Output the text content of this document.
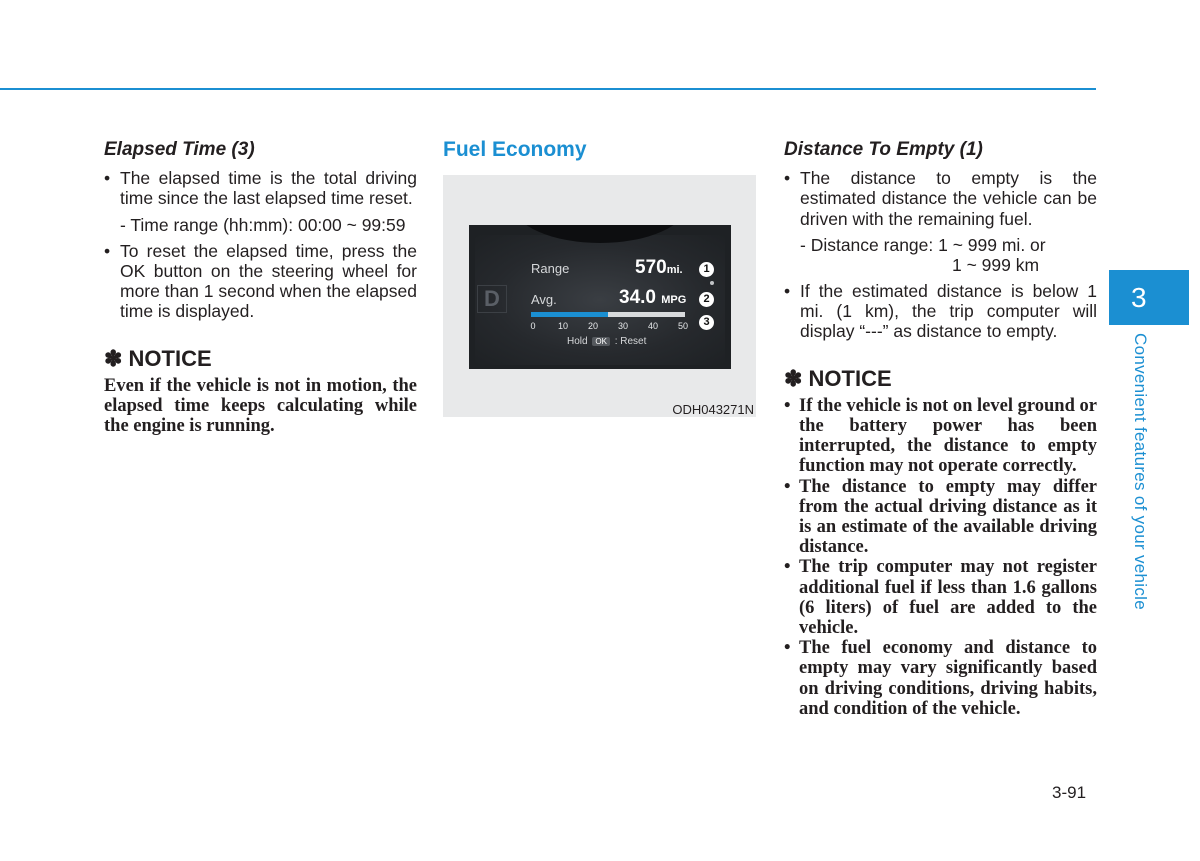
Elapsed Time (3)

• The elapsed time is the total driving time since the last elapsed time reset.

- Time range (hh:mm): 00:00 ~ 99:59

• To reset the elapsed time, press the OK button on the steering wheel for more than 1 second when the elapsed time is displayed.

✽ NOTICE

Even if the vehicle is not in motion, the elapsed time keeps calculating while the engine is running.

Fuel Economy

D
Range	570mi.
Avg.	34.0 MPG
0	10	20	30	40	50
Hold OK : Reset
1
2
3
ODH043271N

Distance To Empty (1)

• The distance to empty is the estimated distance the vehicle can be driven with the remaining fuel.

- Distance range: 1 ~ 999 mi. or

1 ~ 999 km

• If the estimated distance is below 1 mi. (1 km), the trip computer will display “---” as distance to empty.

✽ NOTICE

• If the vehicle is not on level ground or the battery power has been interrupted, the distance to empty function may not operate correctly.
• The distance to empty may differ from the actual driving distance as it is an estimate of the available driving distance.
• The trip computer may not register additional fuel if less than 1.6 gallons (6 liters) of fuel are added to the vehicle.
• The fuel economy and distance to empty may vary significantly based on driving conditions, driving habits, and condition of the vehicle.
3
Convenient features of your vehicle
3-91
